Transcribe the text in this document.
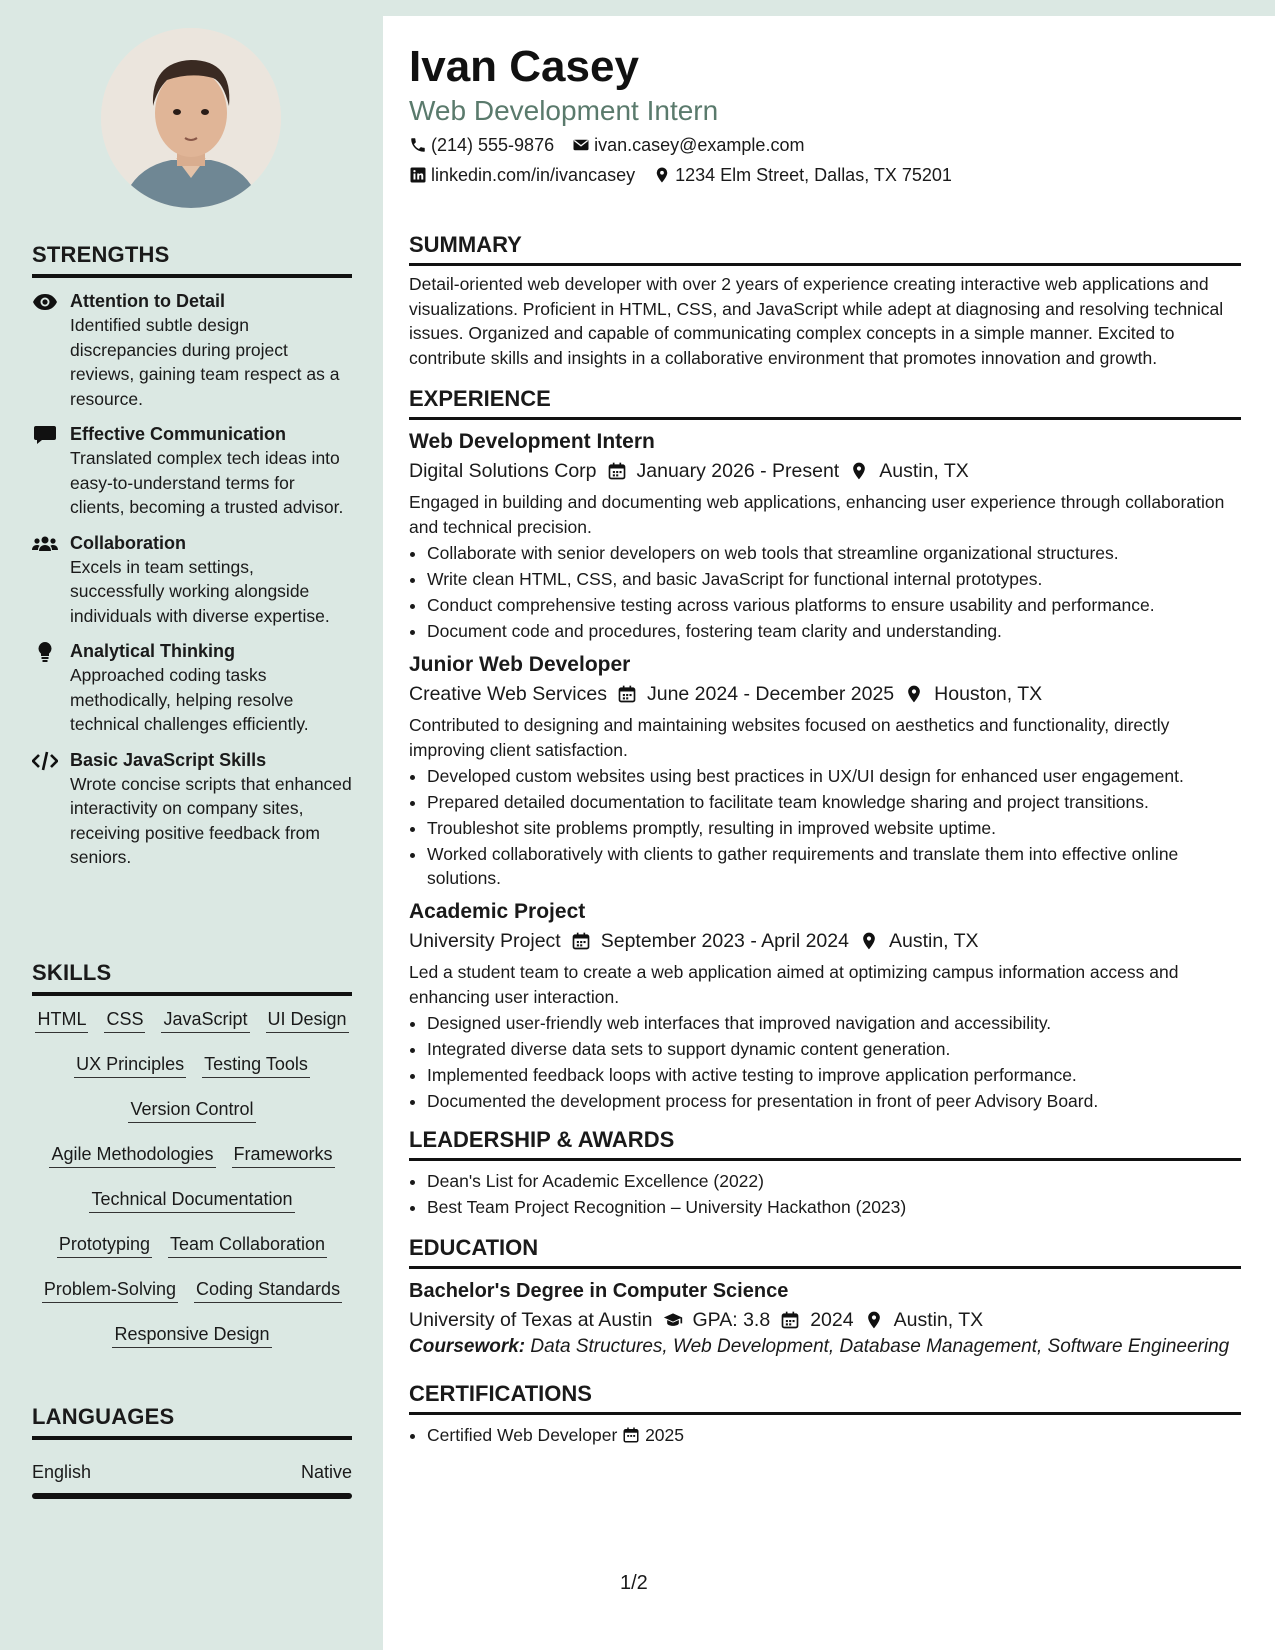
STRENGTHS
Attention to Detail
Identified subtle design discrepancies during project reviews, gaining team respect as a resource.
Effective Communication
Translated complex tech ideas into easy-to-understand terms for clients, becoming a trusted advisor.
Collaboration
Excels in team settings, successfully working alongside individuals with diverse expertise.
Analytical Thinking
Approached coding tasks methodically, helping resolve technical challenges efficiently.
Basic JavaScript Skills
Wrote concise scripts that enhanced interactivity on company sites, receiving positive feedback from seniors.
SKILLS
HTML CSS JavaScript UI Design
UX Principles Testing Tools
Version Control
Agile Methodologies Frameworks
Technical Documentation
Prototyping Team Collaboration
Problem-Solving Coding Standards
Responsive Design
LANGUAGES
English	Native
Ivan Casey
Web Development Intern
(214) 555-9876 ivan.casey@example.com
linkedin.com/in/ivancasey 1234 Elm Street, Dallas, TX 75201
SUMMARY

Detail-oriented web developer with over 2 years of experience creating interactive web applications and visualizations. Proficient in HTML, CSS, and JavaScript while adept at diagnosing and resolving technical issues. Organized and capable of communicating complex concepts in a simple manner. Excited to contribute skills and insights in a collaborative environment that promotes innovation and growth.

EXPERIENCE
Web Development Intern
Digital Solutions Corp January 2026 - Present Austin, TX

Engaged in building and documenting web applications, enhancing user experience through collaboration and technical precision.

• Collaborate with senior developers on web tools that streamline organizational structures.
• Write clean HTML, CSS, and basic JavaScript for functional internal prototypes.
• Conduct comprehensive testing across various platforms to ensure usability and performance.
• Document code and procedures, fostering team clarity and understanding.
Junior Web Developer
Creative Web Services June 2024 - December 2025 Houston, TX

Contributed to designing and maintaining websites focused on aesthetics and functionality, directly improving client satisfaction.

• Developed custom websites using best practices in UX/UI design for enhanced user engagement.
• Prepared detailed documentation to facilitate team knowledge sharing and project transitions.
• Troubleshot site problems promptly, resulting in improved website uptime.
• Worked collaboratively with clients to gather requirements and translate them into effective online solutions.
Academic Project
University Project September 2023 - April 2024 Austin, TX

Led a student team to create a web application aimed at optimizing campus information access and enhancing user interaction.

• Designed user-friendly web interfaces that improved navigation and accessibility.
• Integrated diverse data sets to support dynamic content generation.
• Implemented feedback loops with active testing to improve application performance.
• Documented the development process for presentation in front of peer Advisory Board.
LEADERSHIP & AWARDS
• Dean's List for Academic Excellence (2022)
• Best Team Project Recognition – University Hackathon (2023)
EDUCATION
Bachelor's Degree in Computer Science
University of Texas at Austin GPA: 3.8 2024 Austin, TX
Coursework: Data Structures, Web Development, Database Management, Software Engineering
CERTIFICATIONS
• Certified Web Developer 2025
1/2
